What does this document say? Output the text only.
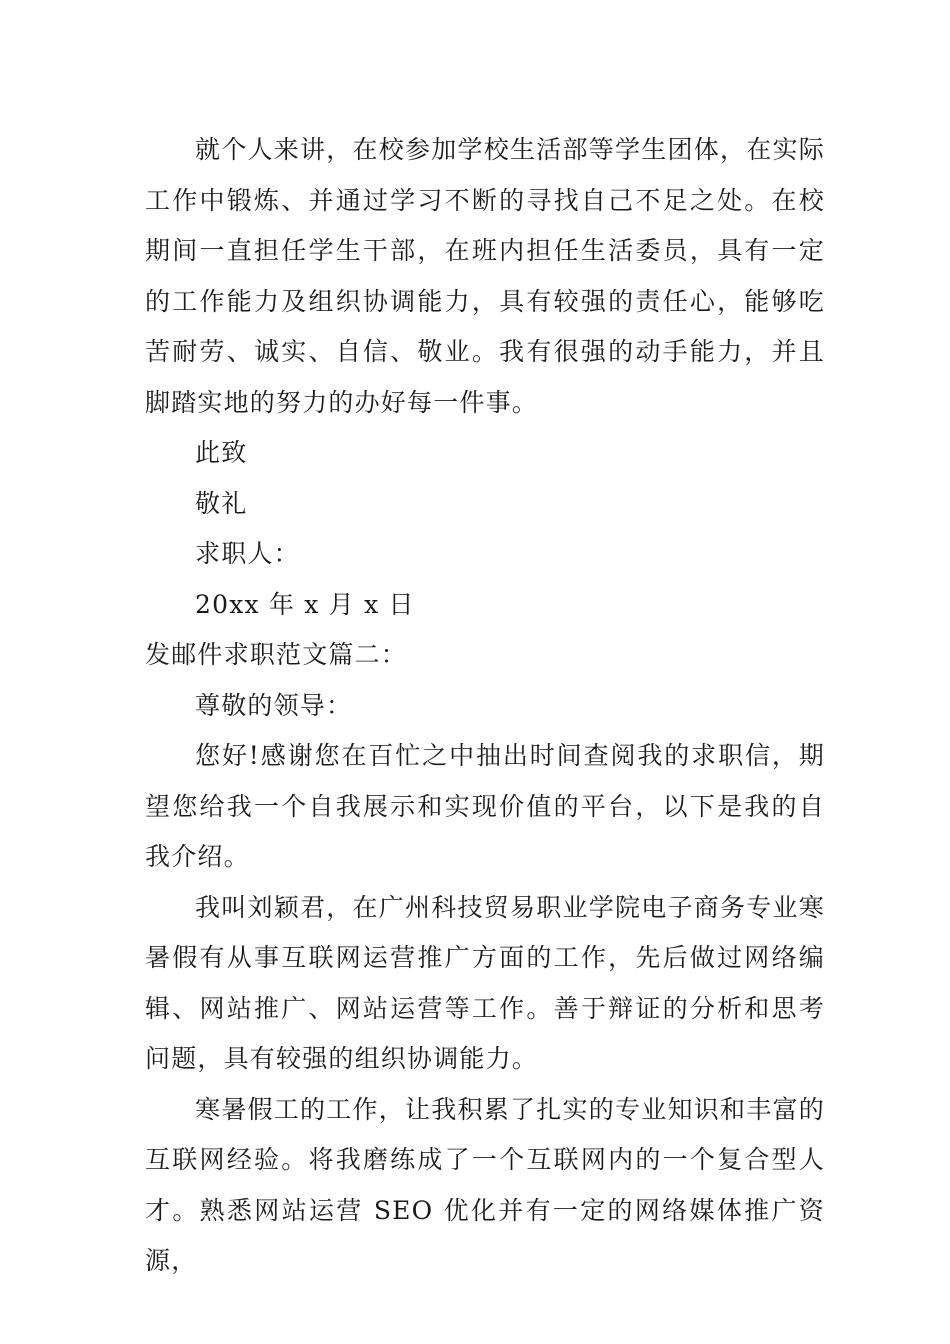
就个人来讲，在校参加学校生活部等学生团体，在实际工作中锻炼、并通过学习不断的寻找自己不足之处。在校期间一直担任学生干部，在班内担任生活委员，具有一定的工作能力及组织协调能力，具有较强的责任心，能够吃苦耐劳、诚实、自信、敬业。我有很强的动手能力，并且脚踏实地的努力的办好每一件事。

此致

敬礼

求职人：

20xx 年 x 月 x 日

发邮件求职范文篇二：

尊敬的领导：

您好!感谢您在百忙之中抽出时间查阅我的求职信，期望您给我一个自我展示和实现价值的平台，以下是我的自我介绍。

我叫刘颖君，在广州科技贸易职业学院电子商务专业寒暑假有从事互联网运营推广方面的工作，先后做过网络编辑、网站推广、网站运营等工作。善于辩证的分析和思考问题，具有较强的组织协调能力。

寒暑假工的工作，让我积累了扎实的专业知识和丰富的互联网经验。将我磨练成了一个互联网内的一个复合型人才。熟悉网站运营 SEO 优化并有一定的网络媒体推广资源，
